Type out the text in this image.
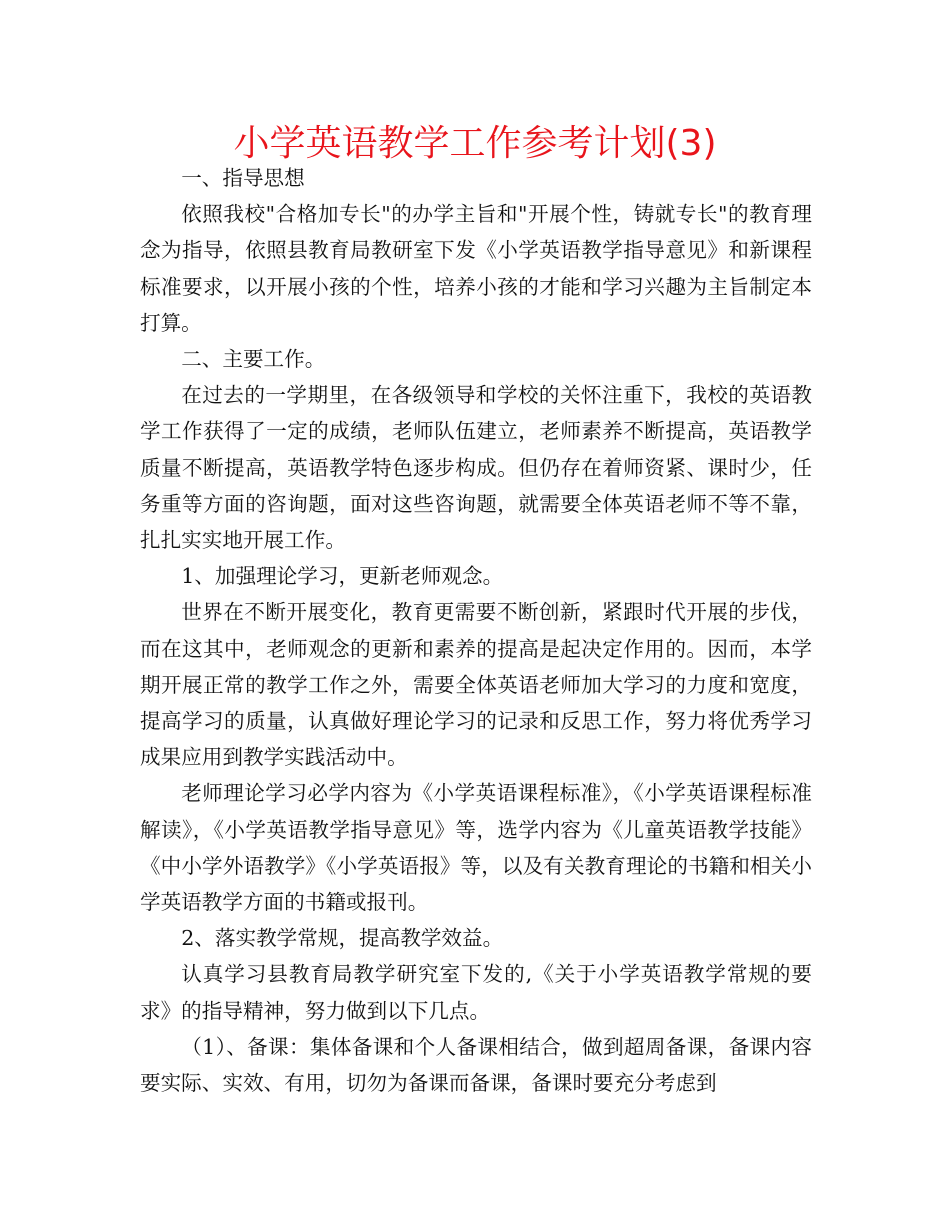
小学英语教学工作参考计划(3)

一、指导思想

依照我校"合格加专长"的办学主旨和"开展个性，铸就专长"的教育理念为指导，依照县教育局教研室下发《小学英语教学指导意见》和新课程标准要求，以开展小孩的个性，培养小孩的才能和学习兴趣为主旨制定本打算。

二、主要工作。

在过去的一学期里，在各级领导和学校的关怀注重下，我校的英语教学工作获得了一定的成绩，老师队伍建立，老师素养不断提高，英语教学质量不断提高，英语教学特色逐步构成。但仍存在着师资紧、课时少，任务重等方面的咨询题，面对这些咨询题，就需要全体英语老师不等不靠，扎扎实实地开展工作。

1、加强理论学习，更新老师观念。

世界在不断开展变化，教育更需要不断创新，紧跟时代开展的步伐，而在这其中，老师观念的更新和素养的提高是起决定作用的。因而，本学期开展正常的教学工作之外，需要全体英语老师加大学习的力度和宽度，提高学习的质量，认真做好理论学习的记录和反思工作，努力将优秀学习成果应用到教学实践活动中。

老师理论学习必学内容为《小学英语课程标准》，《小学英语课程标准解读》，《小学英语教学指导意见》等，选学内容为《儿童英语教学技能》《中小学外语教学》《小学英语报》等，以及有关教育理论的书籍和相关小学英语教学方面的书籍或报刊。

2、落实教学常规，提高教学效益。

认真学习县教育局教学研究室下发的,《关于小学英语教学常规的要求》的指导精神，努力做到以下几点。

（1）、备课：集体备课和个人备课相结合，做到超周备课，备课内容要实际、实效、有用，切勿为备课而备课，备课时要充分考虑到
